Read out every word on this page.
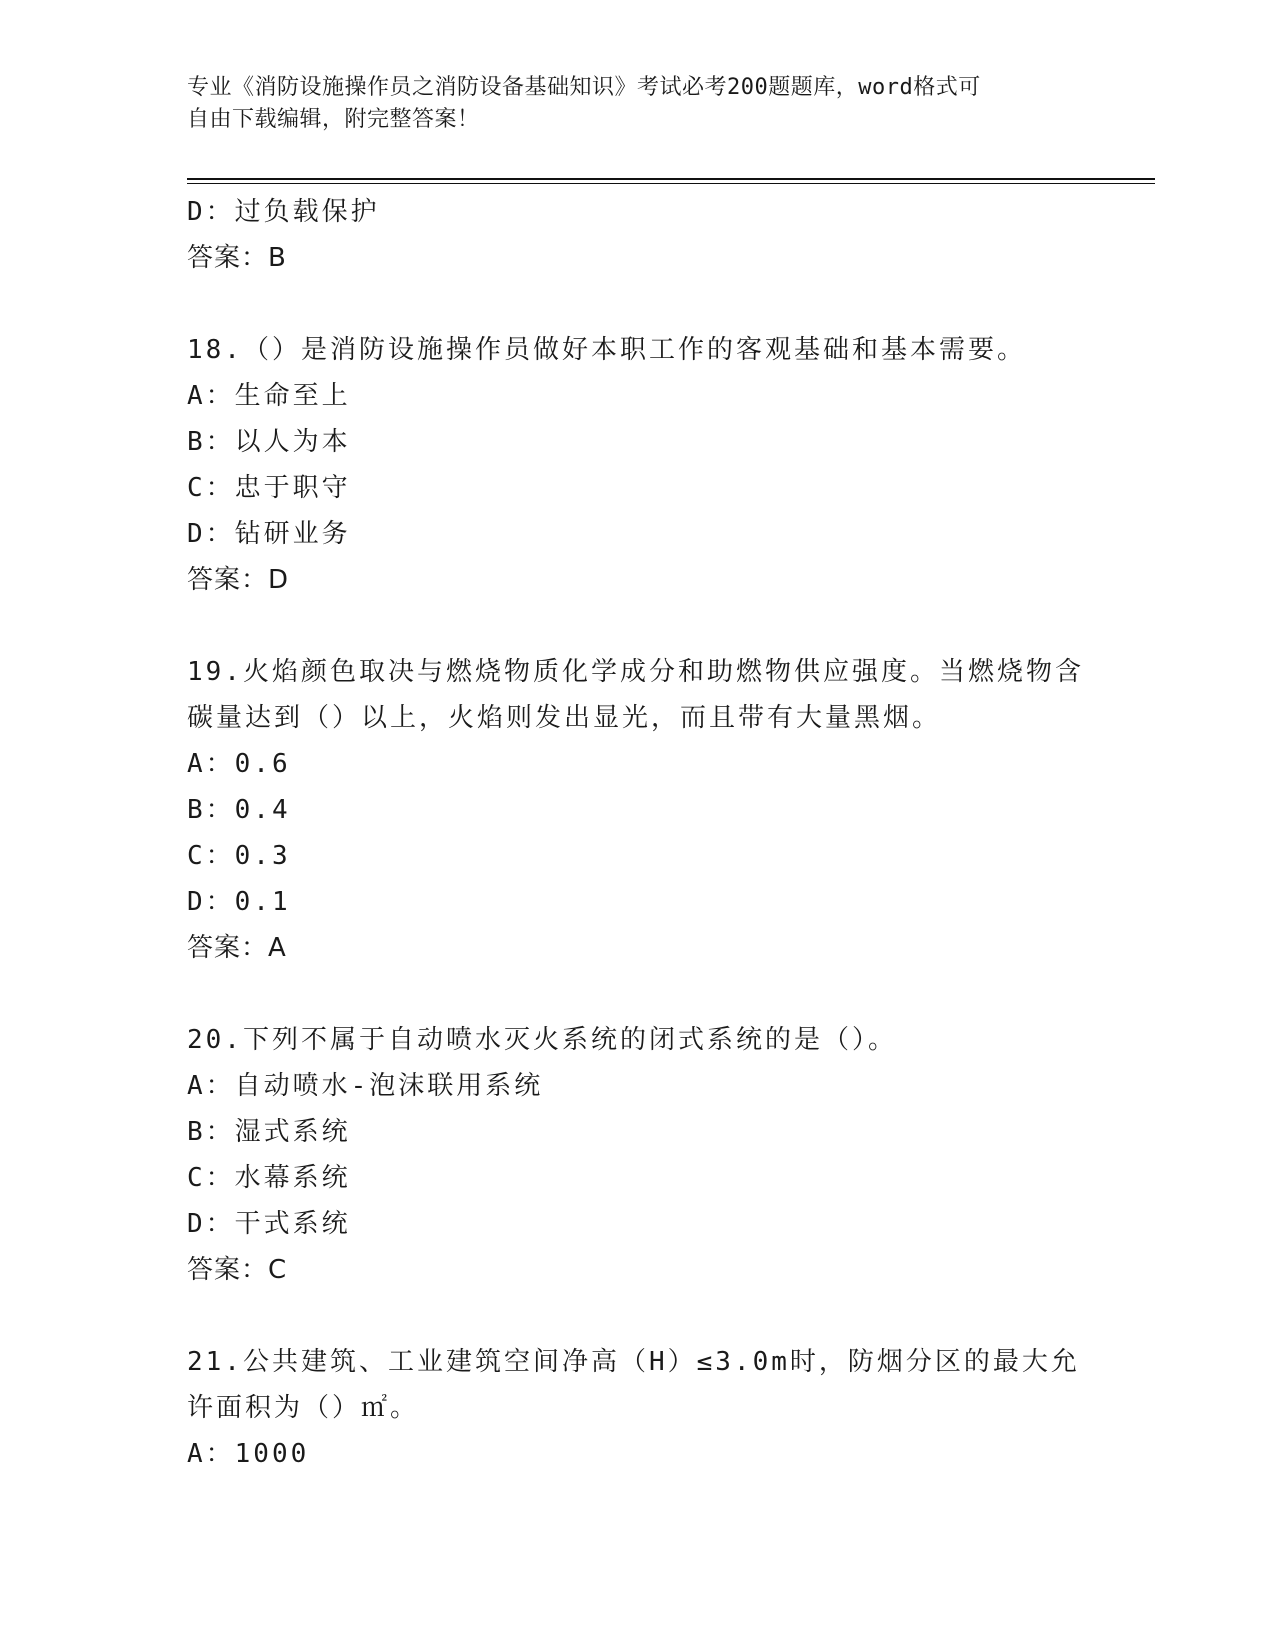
专业《消防设施操作员之消防设备基础知识》考试必考200题题库，word格式可

自由下载编辑，附完整答案！

D：过负载保护
答案：B
18.（）是消防设施操作员做好本职工作的客观基础和基本需要。
A：生命至上
B：以人为本
C：忠于职守
D：钻研业务
答案：D
19.火焰颜色取决与燃烧物质化学成分和助燃物供应强度。当燃烧物含
碳量达到（）以上，火焰则发出显光，而且带有大量黑烟。
A：0.6
B：0.4
C：0.3
D：0.1
答案：A
20.下列不属于自动喷水灭火系统的闭式系统的是（）。
A：自动喷水-泡沫联用系统
B：湿式系统
C：水幕系统
D：干式系统
答案：C
21.公共建筑、工业建筑空间净高（H）≤3.0m时，防烟分区的最大允
许面积为（）㎡。
A：1000
